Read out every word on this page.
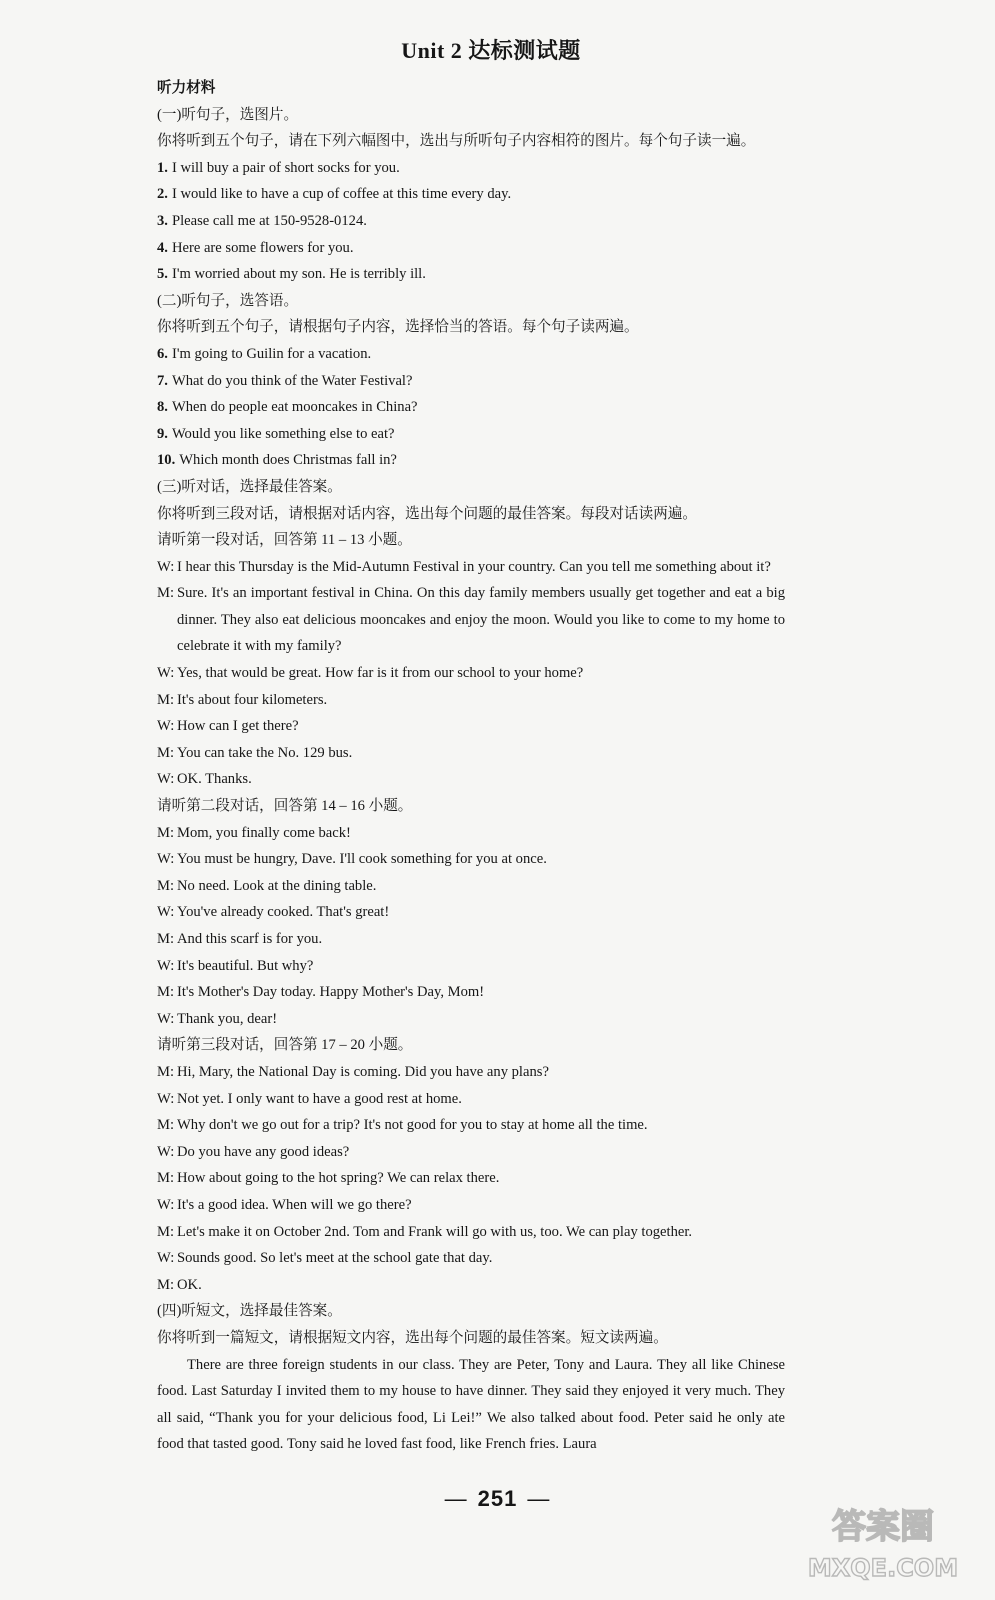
Unit 2 达标测试题
听力材料
(一)听句子，选图片。
你将听到五个句子，请在下列六幅图中，选出与所听句子内容相符的图片。每个句子读一遍。
1. I will buy a pair of short socks for you.
2. I would like to have a cup of coffee at this time every day.
3. Please call me at 150-9528-0124.
4. Here are some flowers for you.
5. I'm worried about my son. He is terribly ill.
(二)听句子，选答语。
你将听到五个句子，请根据句子内容，选择恰当的答语。每个句子读两遍。
6. I'm going to Guilin for a vacation.
7. What do you think of the Water Festival?
8. When do people eat mooncakes in China?
9. Would you like something else to eat?
10. Which month does Christmas fall in?
(三)听对话，选择最佳答案。
你将听到三段对话，请根据对话内容，选出每个问题的最佳答案。每段对话读两遍。
请听第一段对话，回答第 11 – 13 小题。
W: I hear this Thursday is the Mid-Autumn Festival in your country. Can you tell me something about it?
M: Sure. It's an important festival in China. On this day family members usually get together and eat a big dinner. They also eat delicious mooncakes and enjoy the moon. Would you like to come to my home to celebrate it with my family?
W: Yes, that would be great. How far is it from our school to your home?
M: It's about four kilometers.
W: How can I get there?
M: You can take the No. 129 bus.
W: OK. Thanks.
请听第二段对话，回答第 14 – 16 小题。
M: Mom, you finally come back!
W: You must be hungry, Dave. I'll cook something for you at once.
M: No need. Look at the dining table.
W: You've already cooked. That's great!
M: And this scarf is for you.
W: It's beautiful. But why?
M: It's Mother's Day today. Happy Mother's Day, Mom!
W: Thank you, dear!
请听第三段对话，回答第 17 – 20 小题。
M: Hi, Mary, the National Day is coming. Did you have any plans?
W: Not yet. I only want to have a good rest at home.
M: Why don't we go out for a trip? It's not good for you to stay at home all the time.
W: Do you have any good ideas?
M: How about going to the hot spring? We can relax there.
W: It's a good idea. When will we go there?
M: Let's make it on October 2nd. Tom and Frank will go with us, too. We can play together.
W: Sounds good. So let's meet at the school gate that day.
M: OK.
(四)听短文，选择最佳答案。
你将听到一篇短文，请根据短文内容，选出每个问题的最佳答案。短文读两遍。

There are three foreign students in our class. They are Peter, Tony and Laura. They all like Chinese food. Last Saturday I invited them to my house to have dinner. They said they enjoyed it very much. They all said, “Thank you for your delicious food, Li Lei!” We also talked about food. Peter said he only ate food that tasted good. Tony said he loved fast food, like French fries. Laura

— 251 —
答案圈
MXQE.COM
